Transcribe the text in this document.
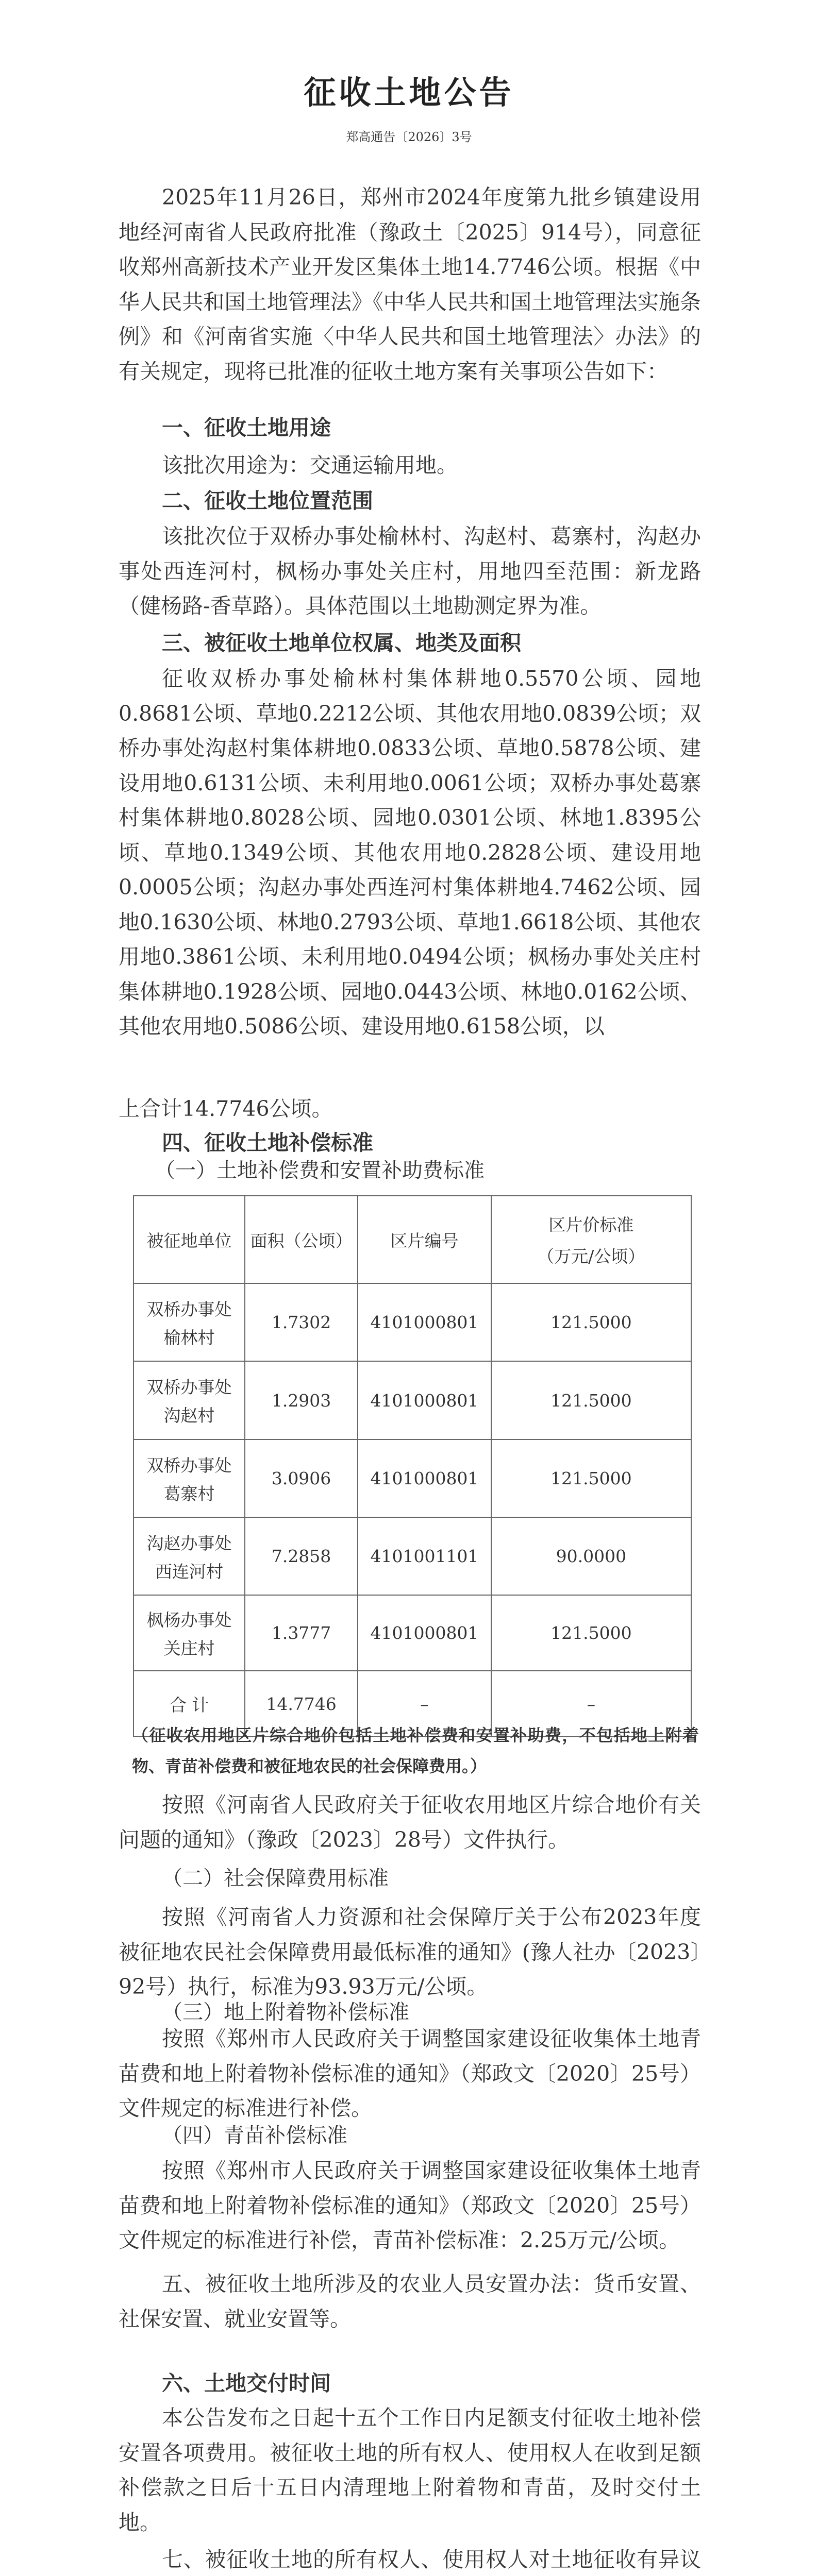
征收土地公告
郑高通告〔2026〕3号

2025年11月26日，郑州市2024年度第九批乡镇建设用地经河南省人民政府批准（豫政土〔2025〕914号），同意征收郑州高新技术产业开发区集体土地14.7746公顷。根据《中华人民共和国土地管理法》《中华人民共和国土地管理法实施条例》和《河南省实施〈中华人民共和国土地管理法〉办法》的有关规定，现将已批准的征收土地方案有关事项公告如下：

一、征收土地用途

该批次用途为：交通运输用地。

二、征收土地位置范围

该批次位于双桥办事处榆林村、沟赵村、葛寨村，沟赵办事处西连河村，枫杨办事处关庄村，用地四至范围：新龙路（健杨路-香草路）。具体范围以土地勘测定界为准。

三、被征收土地单位权属、地类及面积

征收双桥办事处榆林村集体耕地0.5570公顷、园地0.8681公顷、草地0.2212公顷、其他农用地0.0839公顷；双桥办事处沟赵村集体耕地0.0833公顷、草地0.5878公顷、建设用地0.6131公顷、未利用地0.0061公顷；双桥办事处葛寨村集体耕地0.8028公顷、园地0.0301公顷、林地1.8395公顷、草地0.1349公顷、其他农用地0.2828公顷、建设用地0.0005公顷；沟赵办事处西连河村集体耕地4.7462公顷、园地0.1630公顷、林地0.2793公顷、草地1.6618公顷、其他农用地0.3861公顷、未利用地0.0494公顷；枫杨办事处关庄村集体耕地0.1928公顷、园地0.0443公顷、林地0.0162公顷、其他农用地0.5086公顷、建设用地0.6158公顷，以

上合计14.7746公顷。
四、征收土地补偿标准
（一）土地补偿费和安置补助费标准
被征地单位	面积（公顷）	区片编号	区片价标准
（万元/公顷）

双桥办事处
榆林村	1.7302	4101000801	121.5000

双桥办事处
沟赵村	1.2903	4101000801	121.5000

双桥办事处
葛寨村	3.0906	4101000801	121.5000

沟赵办事处
西连河村	7.2858	4101001101	90.0000

枫杨办事处
关庄村	1.3777	4101000801	121.5000
合 计	14.7746	–	–
（征收农用地区片综合地价包括土地补偿费和安置补助费，不包括地上附着物、青苗补偿费和被征地农民的社会保障费用。）

按照《河南省人民政府关于征收农用地区片综合地价有关问题的通知》（豫政〔2023〕28号）文件执行。

（二）社会保障费用标准

按照《河南省人力资源和社会保障厅关于公布2023年度被征地农民社会保障费用最低标准的通知》(豫人社办〔2023〕92号）执行，标准为93.93万元/公顷。

（三）地上附着物补偿标准

按照《郑州市人民政府关于调整国家建设征收集体土地青苗费和地上附着物补偿标准的通知》（郑政文〔2020〕25号）文件规定的标准进行补偿。

（四）青苗补偿标准

按照《郑州市人民政府关于调整国家建设征收集体土地青苗费和地上附着物补偿标准的通知》（郑政文〔2020〕25号）文件规定的标准进行补偿，青苗补偿标准：2.25万元/公顷。

五、被征收土地所涉及的农业人员安置办法：货币安置、社保安置、就业安置等。

六、土地交付时间

本公告发布之日起十五个工作日内足额支付征收土地补偿安置各项费用。被征收土地的所有权人、使用权人在收到足额补偿款之日后十五日内清理地上附着物和青苗，及时交付土地。

七、被征收土地的所有权人、使用权人对土地征收有异议
